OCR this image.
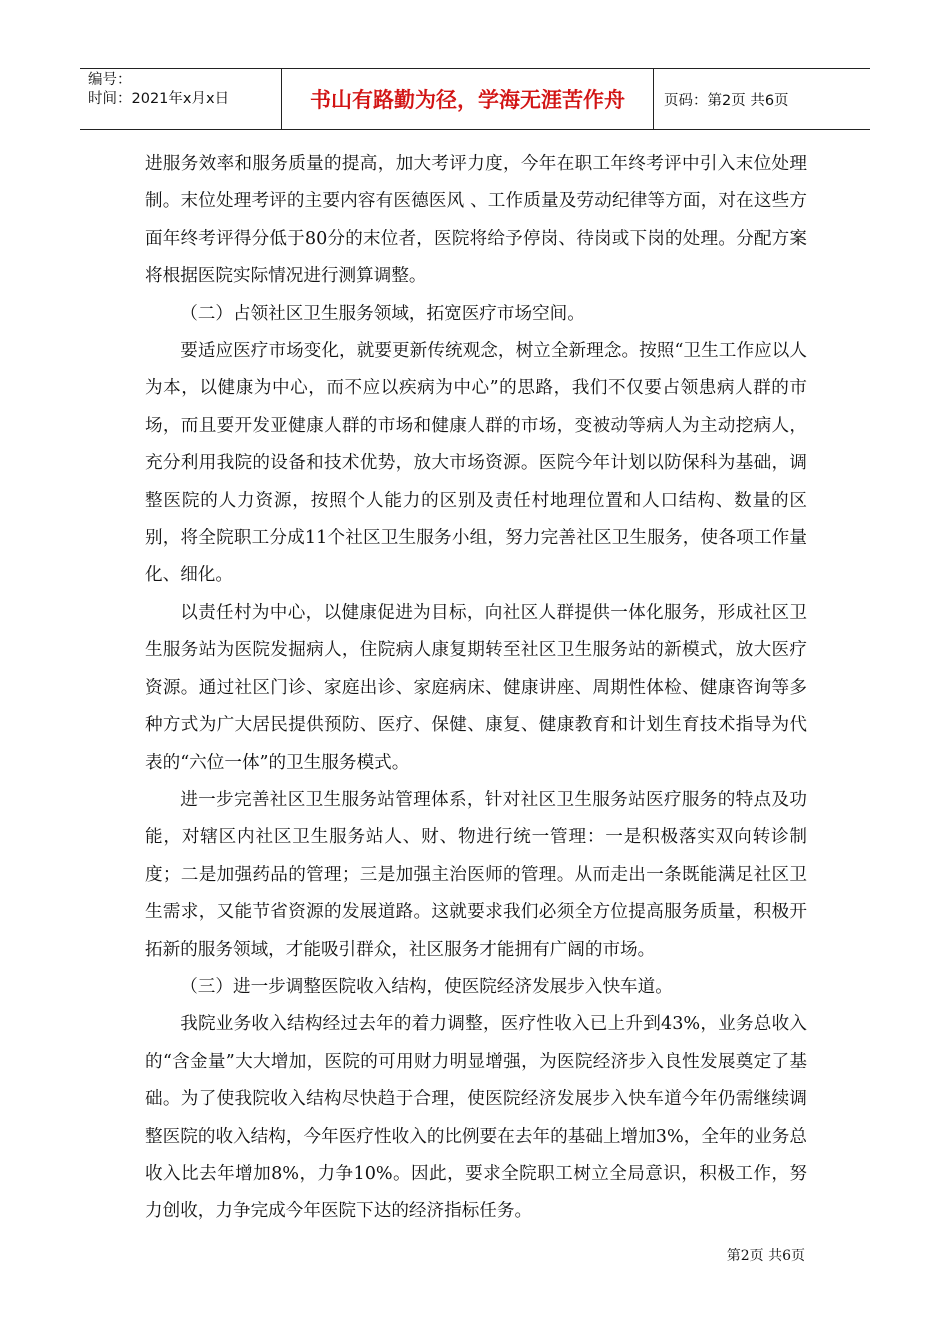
编号：
时间：2021年x月x日	书山有路勤为径，学海无涯苦作舟	页码：第2页 共6页

进服务效率和服务质量的提高，加大考评力度，今年在职工年终考评中引入末位处理制。末位处理考评的主要内容有医德医风 、工作质量及劳动纪律等方面，对在这些方面年终考评得分低于80分的末位者，医院将给予停岗、待岗或下岗的处理。分配方案将根据医院实际情况进行测算调整。

（二）占领社区卫生服务领域，拓宽医疗市场空间。

要适应医疗市场变化，就要更新传统观念，树立全新理念。按照“卫生工作应以人为本，以健康为中心，而不应以疾病为中心”的思路，我们不仅要占领患病人群的市场，而且要开发亚健康人群的市场和健康人群的市场，变被动等病人为主动挖病人，充分利用我院的设备和技术优势，放大市场资源。医院今年计划以防保科为基础，调整医院的人力资源，按照个人能力的区别及责任村地理位置和人口结构、数量的区别，将全院职工分成11个社区卫生服务小组，努力完善社区卫生服务，使各项工作量化、细化。

以责任村为中心，以健康促进为目标，向社区人群提供一体化服务，形成社区卫生服务站为医院发掘病人，住院病人康复期转至社区卫生服务站的新模式，放大医疗资源。通过社区门诊、家庭出诊、家庭病床、健康讲座、周期性体检、健康咨询等多种方式为广大居民提供预防、医疗、保健、康复、健康教育和计划生育技术指导为代表的“六位一体”的卫生服务模式。

进一步完善社区卫生服务站管理体系，针对社区卫生服务站医疗服务的特点及功能，对辖区内社区卫生服务站人、财、物进行统一管理：一是积极落实双向转诊制度；二是加强药品的管理；三是加强主治医师的管理。从而走出一条既能满足社区卫生需求，又能节省资源的发展道路。这就要求我们必须全方位提高服务质量，积极开拓新的服务领域，才能吸引群众，社区服务才能拥有广阔的市场。

（三）进一步调整医院收入结构，使医院经济发展步入快车道。

我院业务收入结构经过去年的着力调整，医疗性收入已上升到43%，业务总收入的“含金量”大大增加，医院的可用财力明显增强，为医院经济步入良性发展奠定了基础。为了使我院收入结构尽快趋于合理，使医院经济发展步入快车道今年仍需继续调整医院的收入结构，今年医疗性收入的比例要在去年的基础上增加3%，全年的业务总收入比去年增加8%，力争10%。因此，要求全院职工树立全局意识，积极工作，努力创收，力争完成今年医院下达的经济指标任务。

第2页 共6页
